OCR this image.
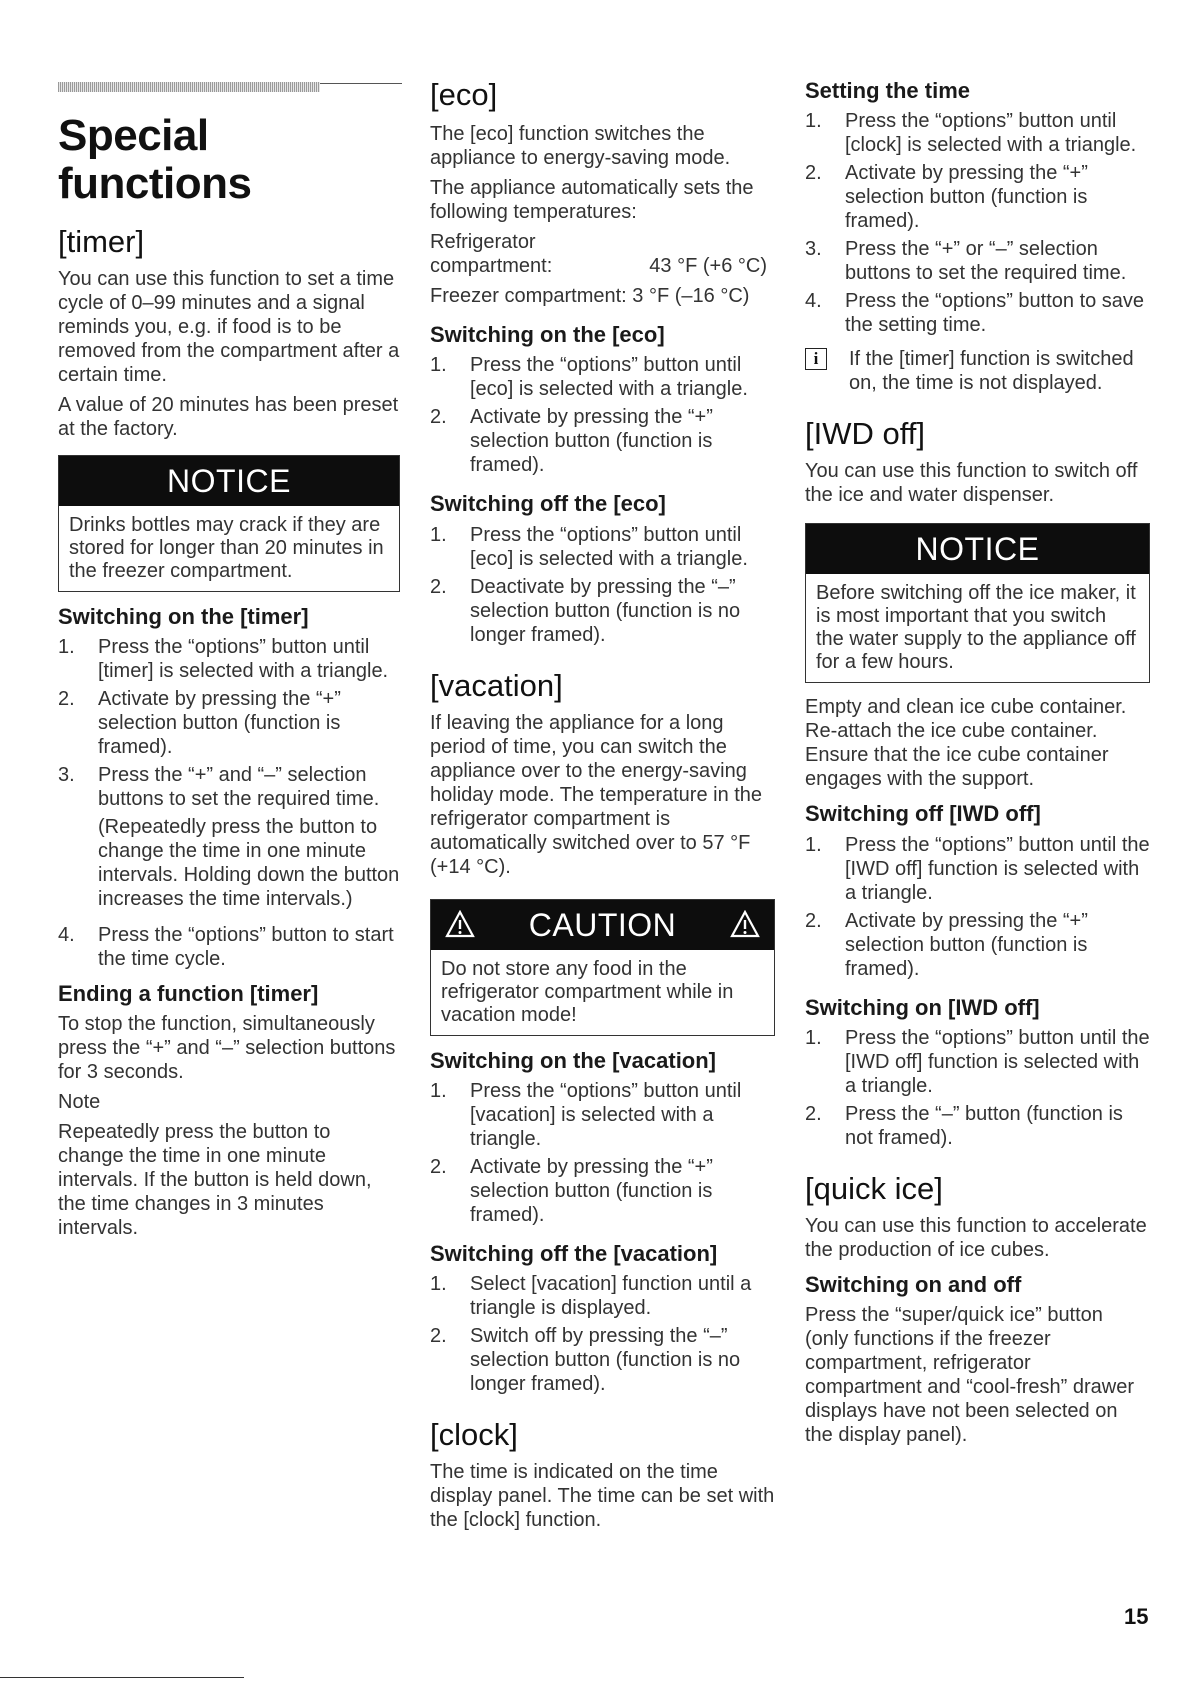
Special functions
[timer]

You can use this function to set a time cycle of 0–99 minutes and a signal reminds you, e.g. if food is to be removed from the compartment after a certain time.

A value of 20 minutes has been preset at the factory.

NOTICE
Drinks bottles may crack if they are stored for longer than 20 minutes in the freezer compartment.
Switching on the [timer]
1. Press the “options” button until [timer] is selected with a triangle.
2. Activate by pressing the “+” selection button (function is framed).
3. Press the “+” and “–” selection buttons to set the required time.
(Repeatedly press the button to change the time in one minute intervals. Holding down the button increases the time intervals.)
4. Press the “options” button to start the time cycle.
Ending a function [timer]

To stop the function, simultaneously press the “+” and “–” selection buttons for 3 seconds.

Note

Repeatedly press the button to change the time in one minute intervals. If the button is held down, the time changes in 3 minutes intervals.

[eco]

The [eco] function switches the appliance to energy-saving mode.

The appliance automatically sets the following temperatures:

Refrigerator compartment:	43 °F (+6 °C)

Freezer compartment: 3 °F (–16 °C)

Switching on the [eco]
1. Press the “options” button until [eco] is selected with a triangle.
2. Activate by pressing the “+” selection button (function is framed).
Switching off the [eco]
1. Press the “options” button until [eco] is selected with a triangle.
2. Deactivate by pressing the “–” selection button (function is no longer framed).
[vacation]

If leaving the appliance for a long period of time, you can switch the appliance over to the energy-saving holiday mode. The temperature in the refrigerator compartment is automatically switched over to 57 °F (+14 °C).

CAUTION
Do not store any food in the refrigerator compartment while in vacation mode!
Switching on the [vacation]
1. Press the “options” button until [vacation] is selected with a triangle.
2. Activate by pressing the “+” selection button (function is framed).
Switching off the [vacation]
1. Select [vacation] function until a triangle is displayed.
2. Switch off by pressing the “–” selection button (function is no longer framed).
[clock]

The time is indicated on the time display panel. The time can be set with the [clock] function.

Setting the time
1. Press the “options” button until [clock] is selected with a triangle.
2. Activate by pressing the “+” selection button (function is framed).
3. Press the “+” or “–” selection buttons to set the required time.
4. Press the “options” button to save the setting time.
i	If the [timer] function is switched on, the time is not displayed.
[IWD off]

You can use this function to switch off the ice and water dispenser.

NOTICE
Before switching off the ice maker, it is most important that you switch the water supply to the appliance off for a few hours.

Empty and clean ice cube container. Re-attach the ice cube container. Ensure that the ice cube container engages with the support.

Switching off [IWD off]
1. Press the “options” button until the [IWD off] function is selected with a triangle.
2. Activate by pressing the “+” selection button (function is framed).
Switching on [IWD off]
1. Press the “options” button until the [IWD off] function is selected with a triangle.
2. Press the “–” button (function is not framed).
[quick ice]

You can use this function to accelerate the production of ice cubes.

Switching on and off

Press the “super/quick ice” button (only functions if the freezer compartment, refrigerator compartment and “cool-fresh” drawer displays have not been selected on the display panel).

15
